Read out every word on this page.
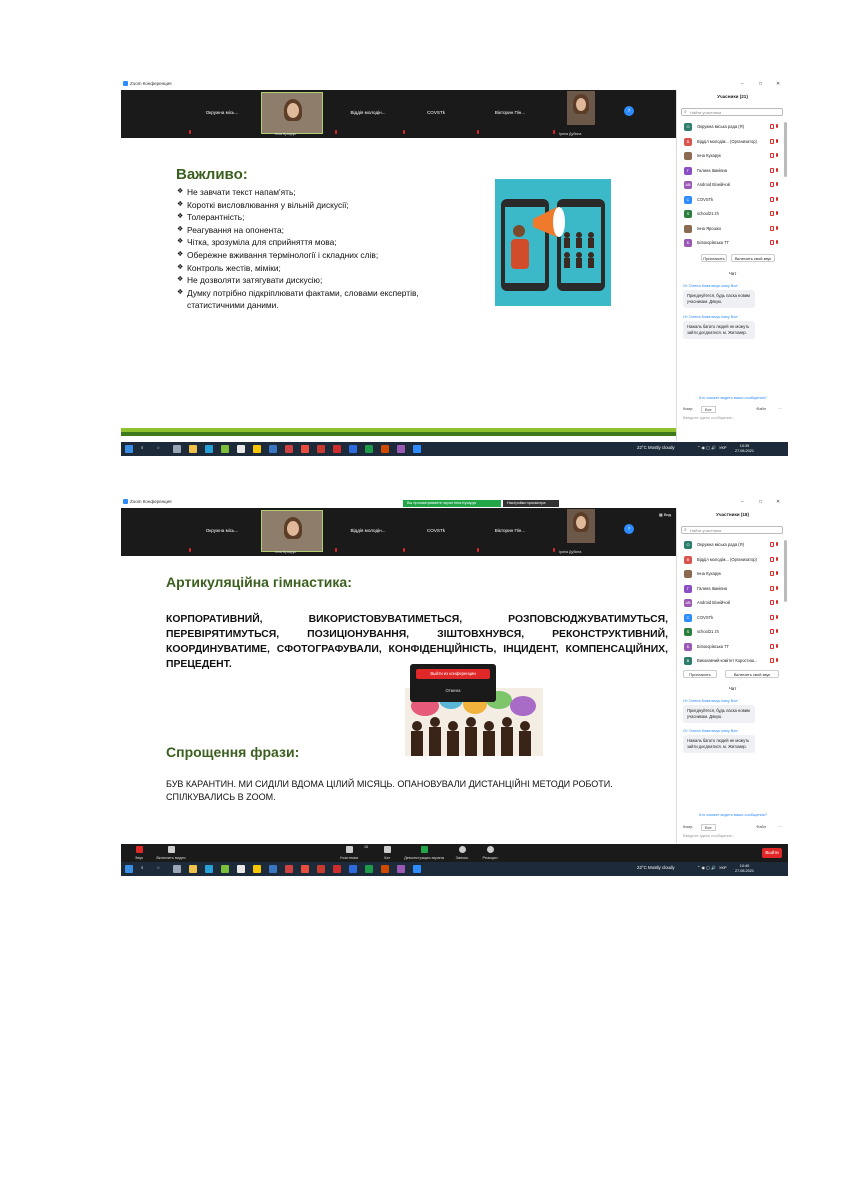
Zoom Конференция	−	□	✕
Окружна місь...
Інна Кухарук
Віддія молодін...	COVSTk	Вікторин Пін...
Ірина Дубина
›
Важливо:
❖ Не завчати текст напам'ять;
❖ Короткі висловлювання у вільній дискусії;
❖ Толерантність;
❖ Реагування на опонента;
❖ Чітка, зрозуміла для сприйняття мова;
❖ Обережне вживання термінології і складних слів;
❖ Контроль жестів, міміки;
❖ Не дозволяти затягувати дискусію;
❖ Думку потрібно підкріплювати фактами, словами експертів, статистичними даними.
Учасники (21)
⌕ Найти участника
О	Окружна міська рада (Я)
В	Відділ молодіж... (Организатор)
Інна Кухарук
Г	Галина Іванівна
AB	Android Візнійчой
C	COVSTk
S	school21 zh
Інна Ярошко
Б	Білокорівська ТГ
Пригласить	Включить свой звук
Чат
От Олена Ковальчук кому Все:
Приєднуйтеся, будь ласка новим учасникам. Дякую.
От Олена Ковальчук кому Все:
Нажаль багато людей не можуть зайти доєднатися. м. Житомир.
Кто сможет видеть ваши сообщения?
Кому:	Все	Файл	···
Введите здесь сообщение...
⌕	○	22°C Mostly cloudy	⌃ ◉ ▢ 🔊 УКР	10:39
27.08.2021
Zoom Конференция	Вы просматриваете экран Інна Кухарук	Настройки просмотра	−	□	✕
Окружна місь...
Інна Кухарук
Віддія молодін...	COVSTk	Вікторин Пін...
Ірина Дубина
›
▦ Вид
Артикуляційна гімнастика:
КОРПОРАТИВНИЙ, ВИКОРИСТОВУВАТИМЕТЬСЯ, РОЗПОВСЮДЖУВАТИМУТЬСЯ, ПЕРЕВІРЯТИМУТЬСЯ, ПОЗИЦІОНУВАННЯ, ЗІШТОВХНУВСЯ, РЕКОНСТРУКТИВНИЙ, КООРДИНУВАТИМЕ, СФОТОГРАФУВАЛИ, КОНФІДЕНЦІЙНІСТЬ, ІНЦИДЕНТ, КОМПЕНСАЦІЙНИХ, ПРЕЦЕДЕНТ.
Выйти из конференции
Отмена
Спрощення фрази:
БУВ КАРАНТИН. МИ СИДІЛИ ВДОМА ЦІЛИЙ МІСЯЦЬ. ОПАНОВУВАЛИ ДИСТАНЦІЙНІ МЕТОДИ РОБОТИ. СПІЛКУВАЛИСЬ В ZOOM.
Участники (18)
⌕ Найти участника
О	Окружна міська рада (Я)
В	Відділ молодіж... (Организатор)
Інна Кухарук
Г	Галина Іванівна
AB	Android Візнійчой
C	COVSTk
S	school21 zh
Б	Білокорівська ТГ
В	Виконавчий комітет Коростиш...
Пригласить	Включить свой звук
Чат
От Олена Ковальчук кому Все:
Приєднуйтеся, будь ласка новим учасникам. Дякую.
От Олена Ковальчук кому Все:
Нажаль багато людей не можуть зайти доєднатися. м. Житомир.
Кто сможет видеть ваши сообщения?
Кому:	Все	Файл	···
Введите здесь сообщение...
Звук	Включить видео	Участники
18
Чат	Демонстрация экрана	Запись	Реакции
Выйти
⌕	○	22°C Mostly cloudy	⌃ ◉ ▢ 🔊 УКР	10:40
27.08.2021
